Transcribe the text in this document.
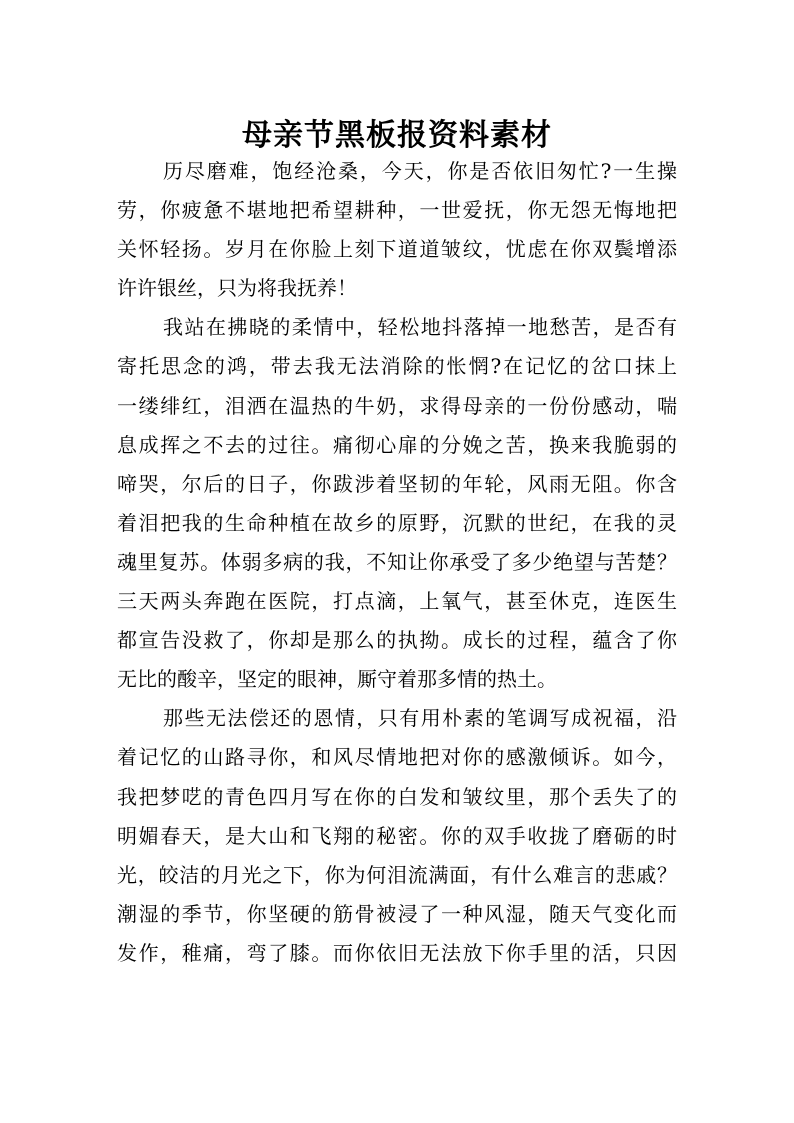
母亲节黑板报资料素材

历尽磨难，饱经沧桑，今天，你是否依旧匆忙?一生操
劳，你疲惫不堪地把希望耕种，一世爱抚，你无怨无悔地把
关怀轻扬。岁月在你脸上刻下道道皱纹，忧虑在你双鬓增添
许许银丝，只为将我抚养！

我站在拂晓的柔情中，轻松地抖落掉一地愁苦，是否有
寄托思念的鸿，带去我无法消除的怅惘?在记忆的岔口抹上
一缕绯红，泪洒在温热的牛奶，求得母亲的一份份感动，喘
息成挥之不去的过往。痛彻心扉的分娩之苦，换来我脆弱的
啼哭，尔后的日子，你跋涉着坚韧的年轮，风雨无阻。你含
着泪把我的生命种植在故乡的原野，沉默的世纪，在我的灵
魂里复苏。体弱多病的我，不知让你承受了多少绝望与苦楚？
三天两头奔跑在医院，打点滴，上氧气，甚至休克，连医生
都宣告没救了，你却是那么的执拗。成长的过程，蕴含了你
无比的酸辛，坚定的眼神，厮守着那多情的热土。

那些无法偿还的恩情，只有用朴素的笔调写成祝福，沿
着记忆的山路寻你，和风尽情地把对你的感激倾诉。如今，
我把梦呓的青色四月写在你的白发和皱纹里，那个丢失了的
明媚春天，是大山和飞翔的秘密。你的双手收拢了磨砺的时
光，皎洁的月光之下，你为何泪流满面，有什么难言的悲戚？
潮湿的季节，你坚硬的筋骨被浸了一种风湿，随天气变化而
发作，稚痛，弯了膝。而你依旧无法放下你手里的活，只因
